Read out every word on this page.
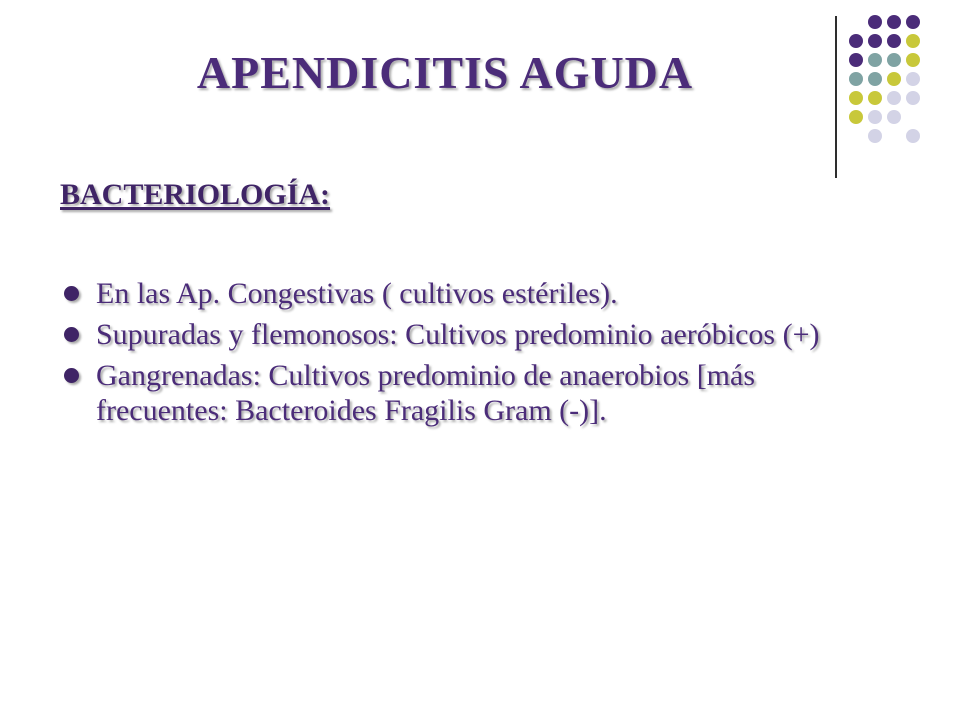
APENDICITIS AGUDA
BACTERIOLOGÍA:
En las Ap. Congestivas ( cultivos estériles).
Supuradas y flemonosos: Cultivos predominio aeróbicos (+)
Gangrenadas: Cultivos predominio de anaerobios [más frecuentes: Bacteroides Fragilis Gram (-)].
